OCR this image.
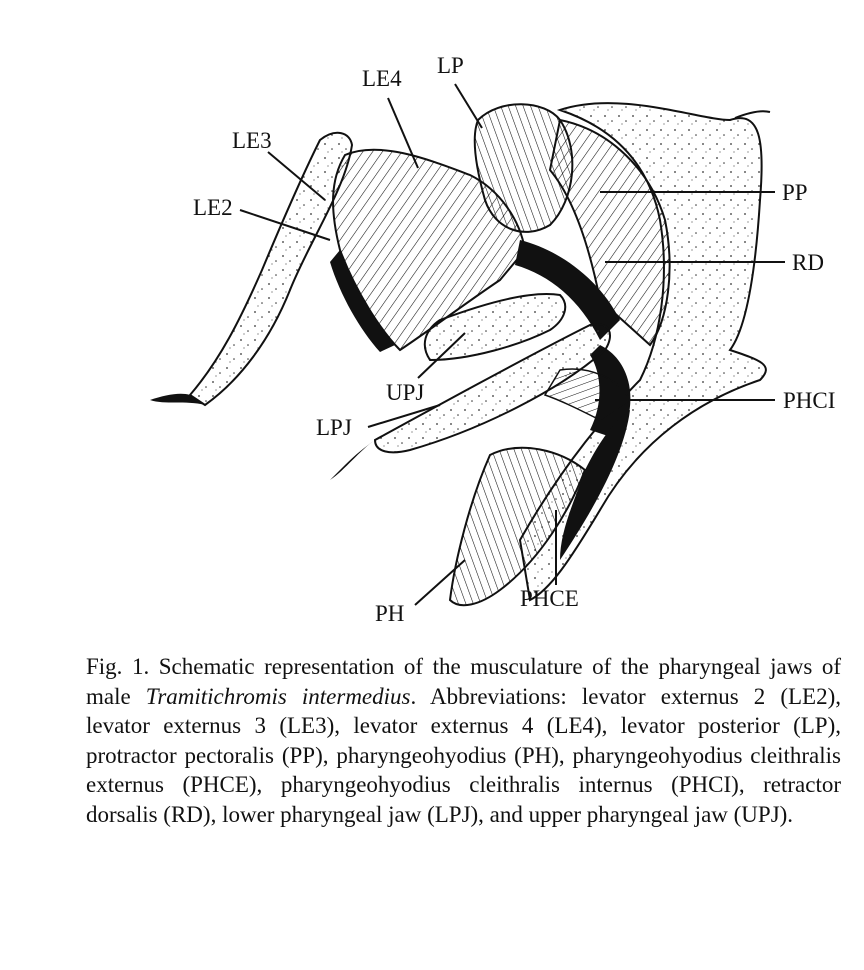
LE4
LP
LE3
LE2
PP
RD
UPJ	PHCI
LPJ
PHCE
PH

Fig. 1. Schematic representation of the musculature of the pharyngeal jaws of male Tramitichromis intermedius. Abbreviations: levator externus 2 (LE2), levator externus 3 (LE3), levator externus 4 (LE4), levator posterior (LP), protractor pectoralis (PP), pharyngeohyodius (PH), pharyngeohyodius cleithralis externus (PHCE), pharyngeohyodius cleithralis internus (PHCI), retractor dorsalis (RD), lower pharyngeal jaw (LPJ), and upper pharyngeal jaw (UPJ).
